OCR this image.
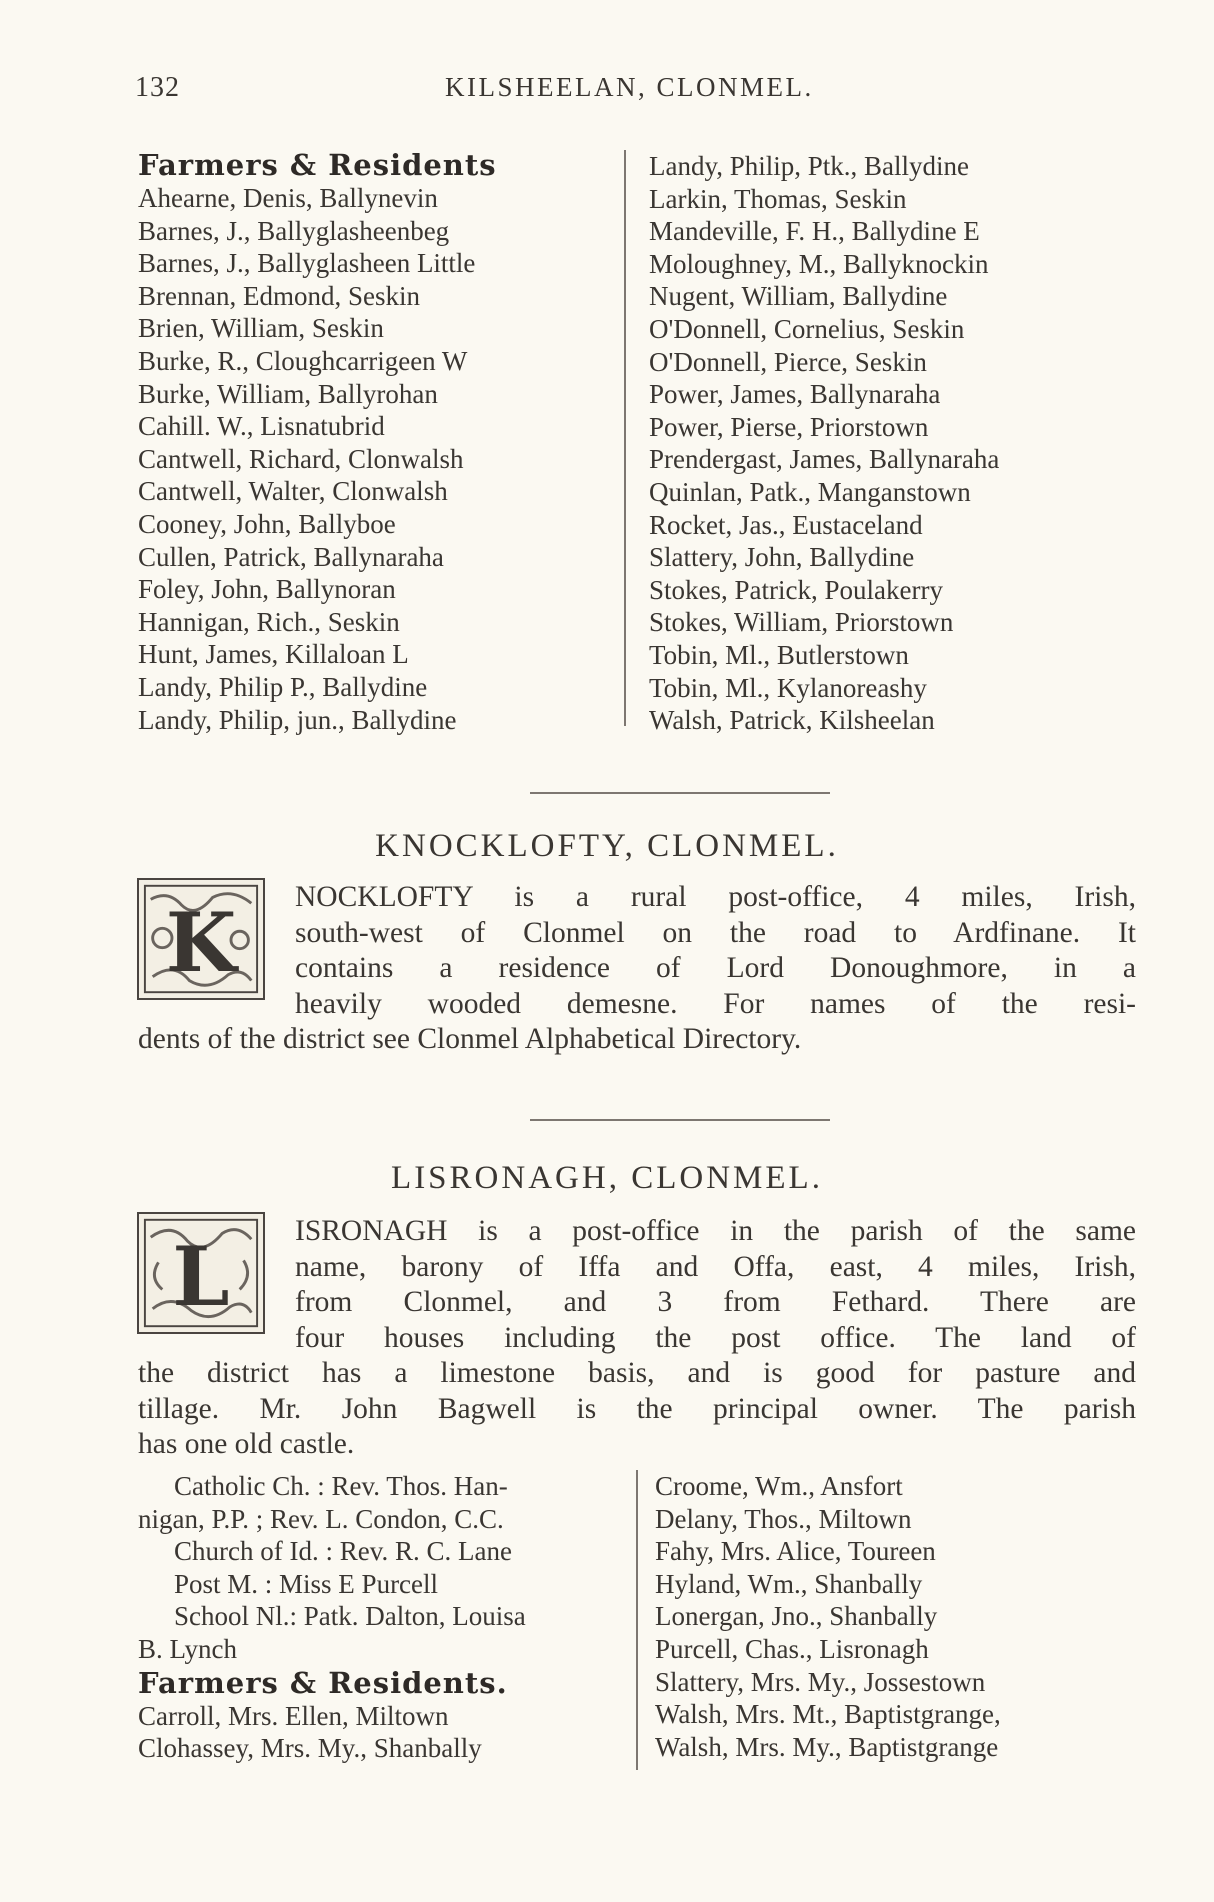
132	KILSHEELAN, CLONMEL.
Farmers & Residents
Ahearne, Denis, Ballynevin
Barnes, J., Ballyglasheenbeg
Barnes, J., Ballyglasheen Little
Brennan, Edmond, Seskin
Brien, William, Seskin
Burke, R., Cloughcarrigeen W
Burke, William, Ballyrohan
Cahill. W., Lisnatubrid
Cantwell, Richard, Clonwalsh
Cantwell, Walter, Clonwalsh
Cooney, John, Ballyboe
Cullen, Patrick, Ballynaraha
Foley, John, Ballynoran
Hannigan, Rich., Seskin
Hunt, James, Killaloan L
Landy, Philip P., Ballydine
Landy, Philip, jun., Ballydine
Landy, Philip, Ptk., Ballydine
Larkin, Thomas, Seskin
Mandeville, F. H., Ballydine E
Moloughney, M., Ballyknockin
Nugent, William, Ballydine
O'Donnell, Cornelius, Seskin
O'Donnell, Pierce, Seskin
Power, James, Ballynaraha
Power, Pierse, Priorstown
Prendergast, James, Ballynaraha
Quinlan, Patk., Manganstown
Rocket, Jas., Eustaceland
Slattery, John, Ballydine
Stokes, Patrick, Poulakerry
Stokes, William, Priorstown
Tobin, Ml., Butlerstown
Tobin, Ml., Kylanoreashy
Walsh, Patrick, Kilsheelan
KNOCKLOFTY, CLONMEL.
K	NOCKLOFTY is a rural post-office, 4 miles, Irish,
south-west of Clonmel on the road to Ardfinane. It
contains a residence of Lord Donoughmore, in a
heavily wooded demesne. For names of the resi-
dents of the district see Clonmel Alphabetical Directory.
LISRONAGH, CLONMEL.
L	ISRONAGH is a post-office in the parish of the same
name, barony of Iffa and Offa, east, 4 miles, Irish,
from Clonmel, and 3 from Fethard. There are
four houses including the post office. The land of
the district has a limestone basis, and is good for pasture and
tillage. Mr. John Bagwell is the principal owner. The parish
has one old castle.
Catholic Ch. : Rev. Thos. Han-
nigan, P.P. ; Rev. L. Condon, C.C.
Church of Id. : Rev. R. C. Lane
Post M. : Miss E Purcell
School Nl.: Patk. Dalton, Louisa
B. Lynch
Farmers & Residents.
Carroll, Mrs. Ellen, Miltown
Clohassey, Mrs. My., Shanbally
Croome, Wm., Ansfort
Delany, Thos., Miltown
Fahy, Mrs. Alice, Toureen
Hyland, Wm., Shanbally
Lonergan, Jno., Shanbally
Purcell, Chas., Lisronagh
Slattery, Mrs. My., Jossestown
Walsh, Mrs. Mt., Baptistgrange,
Walsh, Mrs. My., Baptistgrange
